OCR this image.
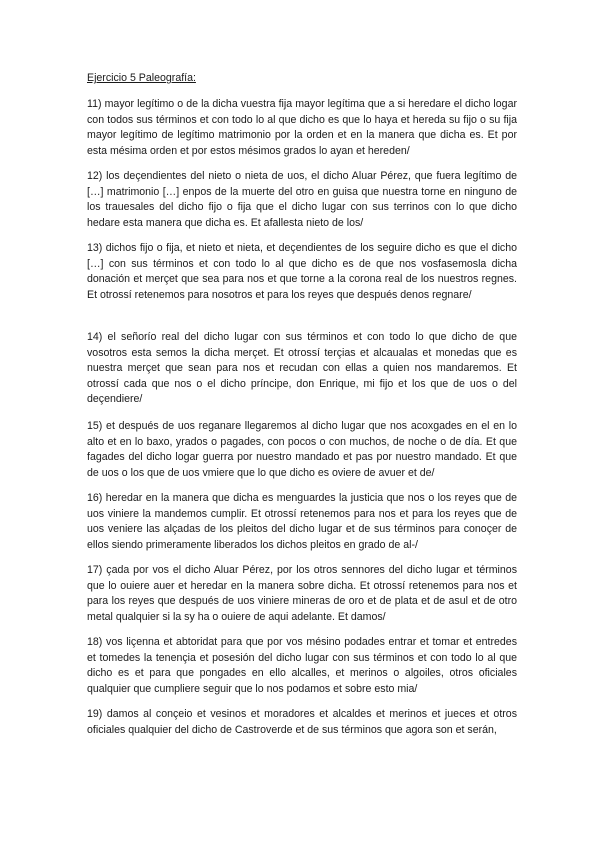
Ejercicio 5 Paleografía:

11) mayor legítimo o de la dicha vuestra fija mayor legítima que a si heredare el dicho logar con todos sus términos et con todo lo al que dicho es que lo haya et hereda su fijo o su fija mayor legítimo de legítimo matrimonio por la orden et en la manera que dicha es. Et por esta mésima orden et por estos mésimos grados lo ayan et hereden/

12) los deçendientes del nieto o nieta de uos, el dicho Aluar Pérez, que fuera legítimo de […] matrimonio […] enpos de la muerte del otro en guisa que nuestra torne en ninguno de los trauesales del dicho fijo o fija que el dicho lugar con sus terrinos con lo que dicho hedare esta manera que dicha es. Et afallesta nieto de los/

13) dichos fijo o fija, et nieto et nieta, et deçendientes de los seguire dicho es que el dicho […] con sus términos et con todo lo al que dicho es de que nos vosfasemosla dicha donación et merçet que sea para nos et que torne a la corona real de los nuestros regnes. Et otrossí retenemos para nosotros et para los reyes que después denos regnare/

14) el señorío real del dicho lugar con sus términos et con todo lo que dicho de que vosotros esta semos la dicha merçet. Et otrossí terçias et alcaualas et monedas que es nuestra merçet que sean para nos et recudan con ellas a quien nos mandaremos. Et otrossí cada que nos o el dicho príncipe, don Enrique, mi fijo et los que de uos o del deçendiere/

15) et después de uos reganare llegaremos al dicho lugar que nos acoxgades en el en lo alto et en lo baxo, yrados o pagades, con pocos o con muchos, de noche o de día. Et que fagades del dicho logar guerra por nuestro mandado et pas por nuestro mandado. Et que de uos o los que de uos vmiere que lo que dicho es oviere de avuer et de/

16) heredar en la manera que dicha es menguardes la justicia que nos o los reyes que de uos viniere la mandemos cumplir. Et otrossí retenemos para nos et para los reyes que de uos veniere las alçadas de los pleitos del dicho lugar et de sus términos para conoçer de ellos siendo primeramente liberados los dichos pleitos en grado de al-/

17) çada por vos el dicho Aluar Pérez, por los otros sennores del dicho lugar et términos que lo ouiere auer et heredar en la manera sobre dicha. Et otrossí retenemos para nos et para los reyes que después de uos viniere mineras de oro et de plata et de asul et de otro metal qualquier si la sy ha o ouiere de aqui adelante. Et damos/

18) vos liçenna et abtoridat para que por vos mésino podades entrar et tomar et entredes et tomedes la tenençia et posesión del dicho lugar con sus términos et con todo lo al que dicho es et para que pongades en ello alcalles, et merinos o algoiles, otros oficiales qualquier que cumpliere seguir que lo nos podamos et sobre esto mia/

19) damos al conçeio et vesinos et moradores et alcaldes et merinos et jueces et otros oficiales qualquier del dicho de Castroverde et de sus términos que agora son et serán,
